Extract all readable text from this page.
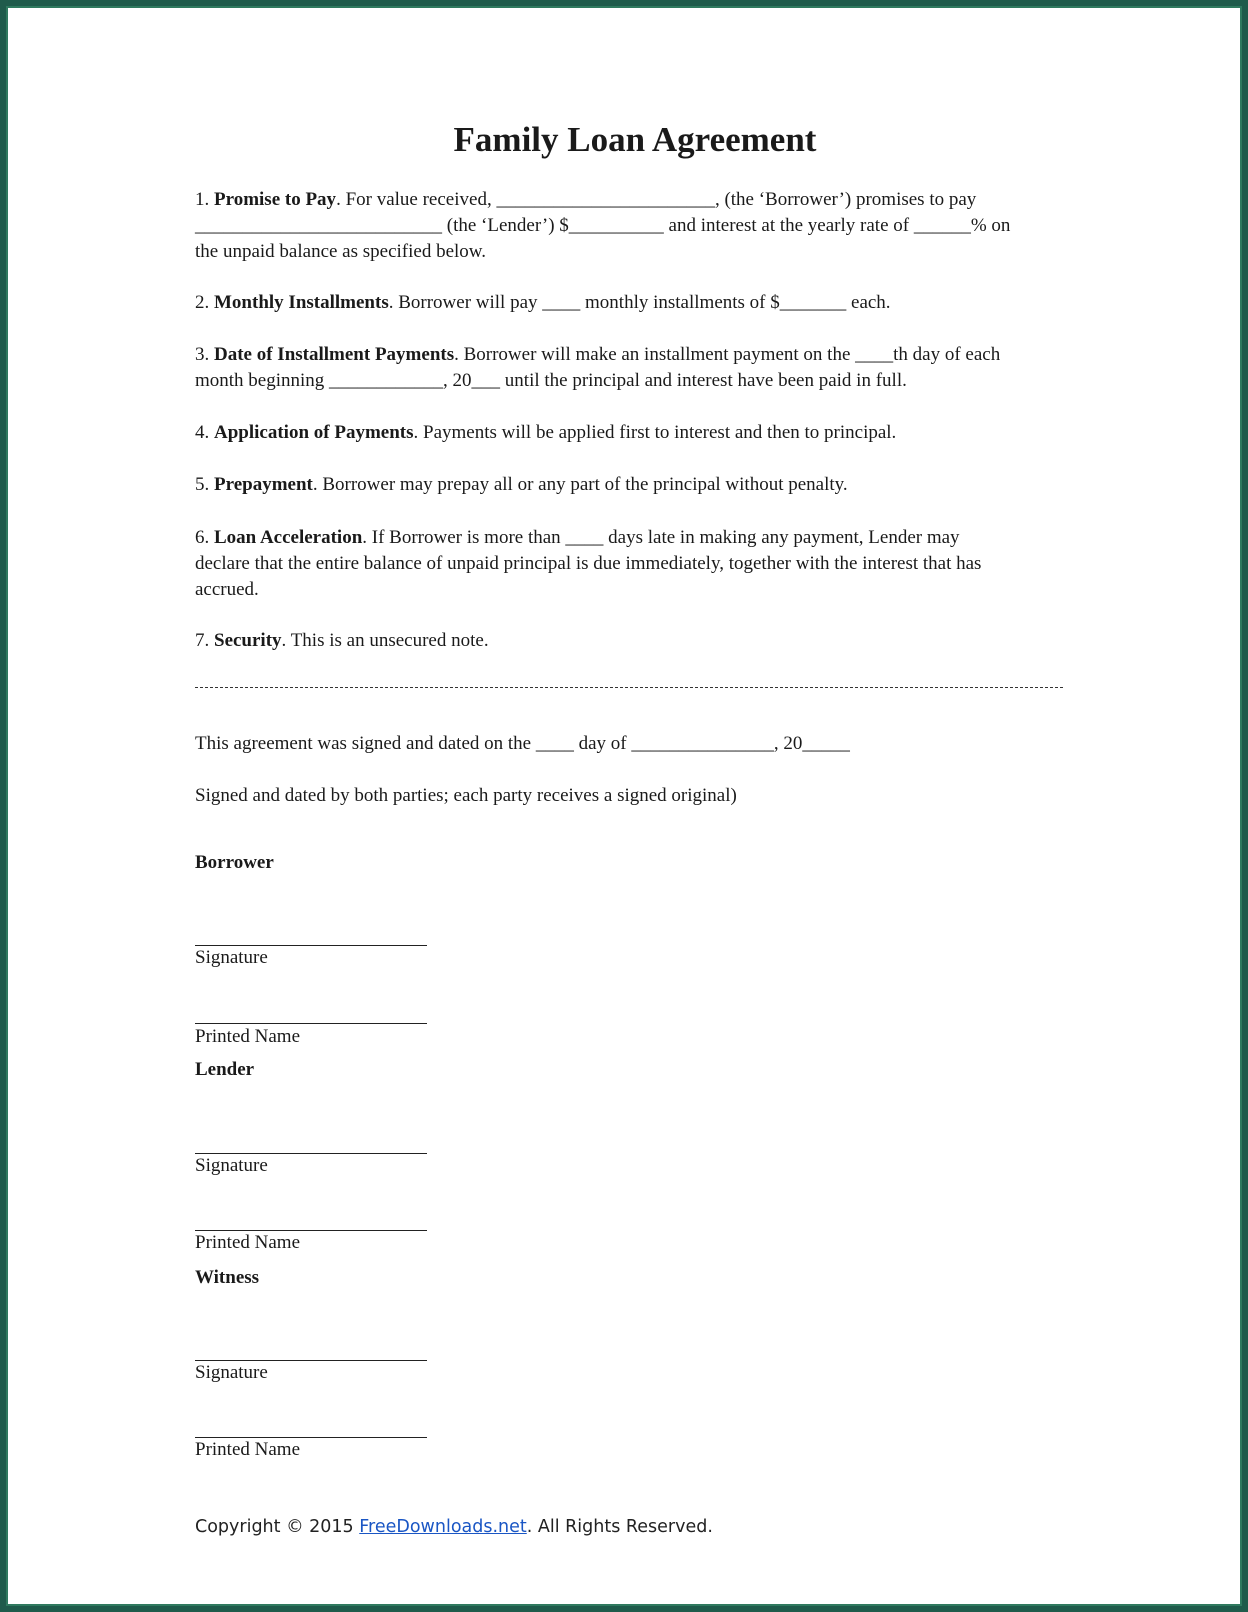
Family Loan Agreement

1. Promise to Pay. For value received, _______________________, (the ‘Borrower’) promises to pay
__________________________ (the ‘Lender’) $__________ and interest at the yearly rate of ______% on
the unpaid balance as specified below.

2. Monthly Installments. Borrower will pay ____ monthly installments of $_______ each.

3. Date of Installment Payments. Borrower will make an installment payment on the ____th day of each
month beginning ____________, 20___ until the principal and interest have been paid in full.

4. Application of Payments. Payments will be applied first to interest and then to principal.

5. Prepayment. Borrower may prepay all or any part of the principal without penalty.

6. Loan Acceleration. If Borrower is more than ____ days late in making any payment, Lender may
declare that the entire balance of unpaid principal is due immediately, together with the interest that has
accrued.

7. Security. This is an unsecured note.

This agreement was signed and dated on the ____ day of _______________, 20_____

Signed and dated by both parties; each party receives a signed original)

Borrower

Signature

Printed Name

Lender

Signature

Printed Name

Witness

Signature

Printed Name

Copyright © 2015 FreeDownloads.net. All Rights Reserved.
